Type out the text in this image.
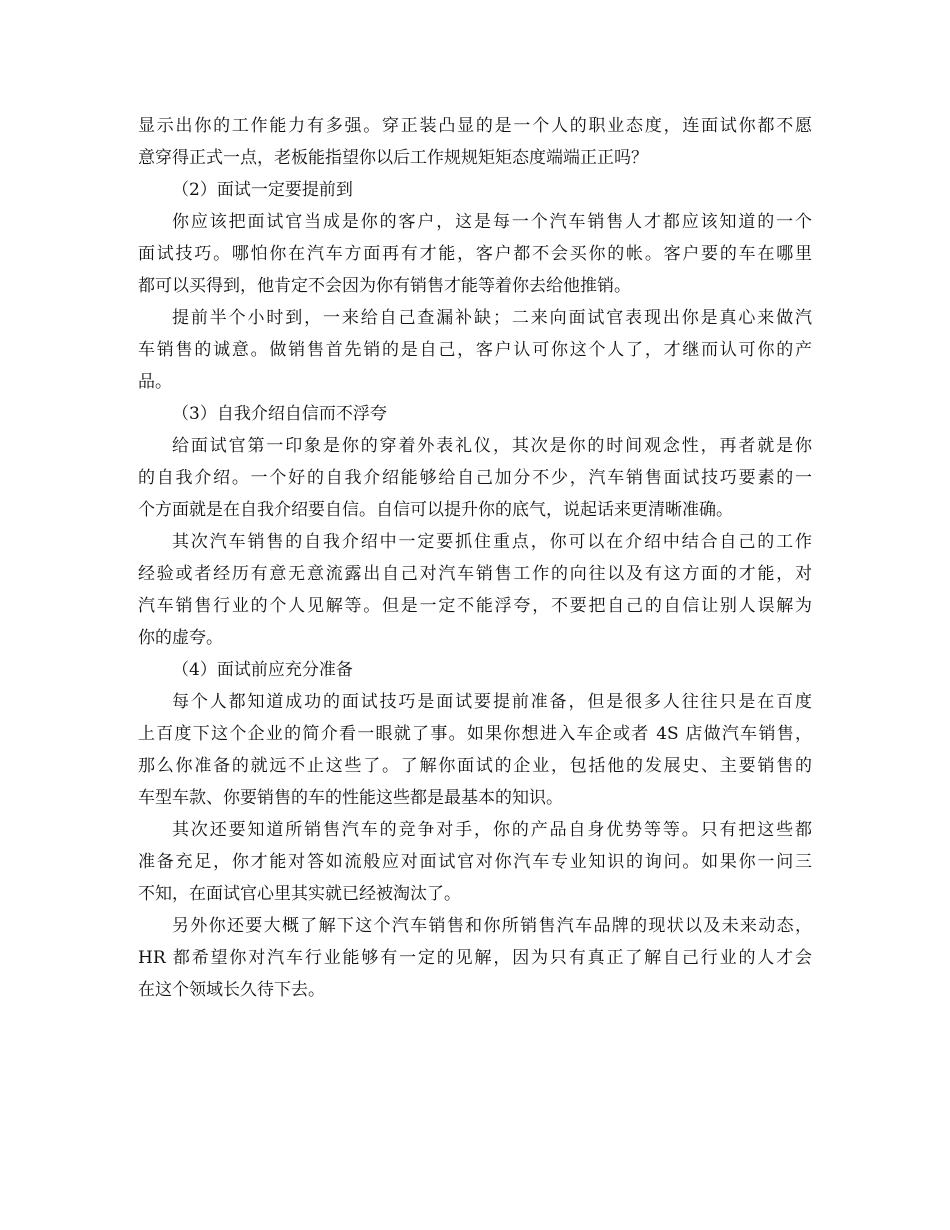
显示出你的工作能力有多强。穿正装凸显的是一个人的职业态度，连面试你都不愿

意穿得正式一点，老板能指望你以后工作规规矩矩态度端端正正吗？

（2）面试一定要提前到

你应该把面试官当成是你的客户，这是每一个汽车销售人才都应该知道的一个

面试技巧。哪怕你在汽车方面再有才能，客户都不会买你的帐。客户要的车在哪里

都可以买得到，他肯定不会因为你有销售才能等着你去给他推销。

提前半个小时到，一来给自己查漏补缺；二来向面试官表现出你是真心来做汽

车销售的诚意。做销售首先销的是自己，客户认可你这个人了，才继而认可你的产

品。

（3）自我介绍自信而不浮夸

给面试官第一印象是你的穿着外表礼仪，其次是你的时间观念性，再者就是你

的自我介绍。一个好的自我介绍能够给自己加分不少，汽车销售面试技巧要素的一

个方面就是在自我介绍要自信。自信可以提升你的底气，说起话来更清晰准确。

其次汽车销售的自我介绍中一定要抓住重点，你可以在介绍中结合自己的工作

经验或者经历有意无意流露出自己对汽车销售工作的向往以及有这方面的才能，对

汽车销售行业的个人见解等。但是一定不能浮夸，不要把自己的自信让别人误解为

你的虚夸。

（4）面试前应充分准备

每个人都知道成功的面试技巧是面试要提前准备，但是很多人往往只是在百度

上百度下这个企业的简介看一眼就了事。如果你想进入车企或者 4S 店做汽车销售，

那么你准备的就远不止这些了。了解你面试的企业，包括他的发展史、主要销售的

车型车款、你要销售的车的性能这些都是最基本的知识。

其次还要知道所销售汽车的竞争对手，你的产品自身优势等等。只有把这些都

准备充足，你才能对答如流般应对面试官对你汽车专业知识的询问。如果你一问三

不知，在面试官心里其实就已经被淘汰了。

另外你还要大概了解下这个汽车销售和你所销售汽车品牌的现状以及未来动态，

HR 都希望你对汽车行业能够有一定的见解，因为只有真正了解自己行业的人才会

在这个领域长久待下去。
